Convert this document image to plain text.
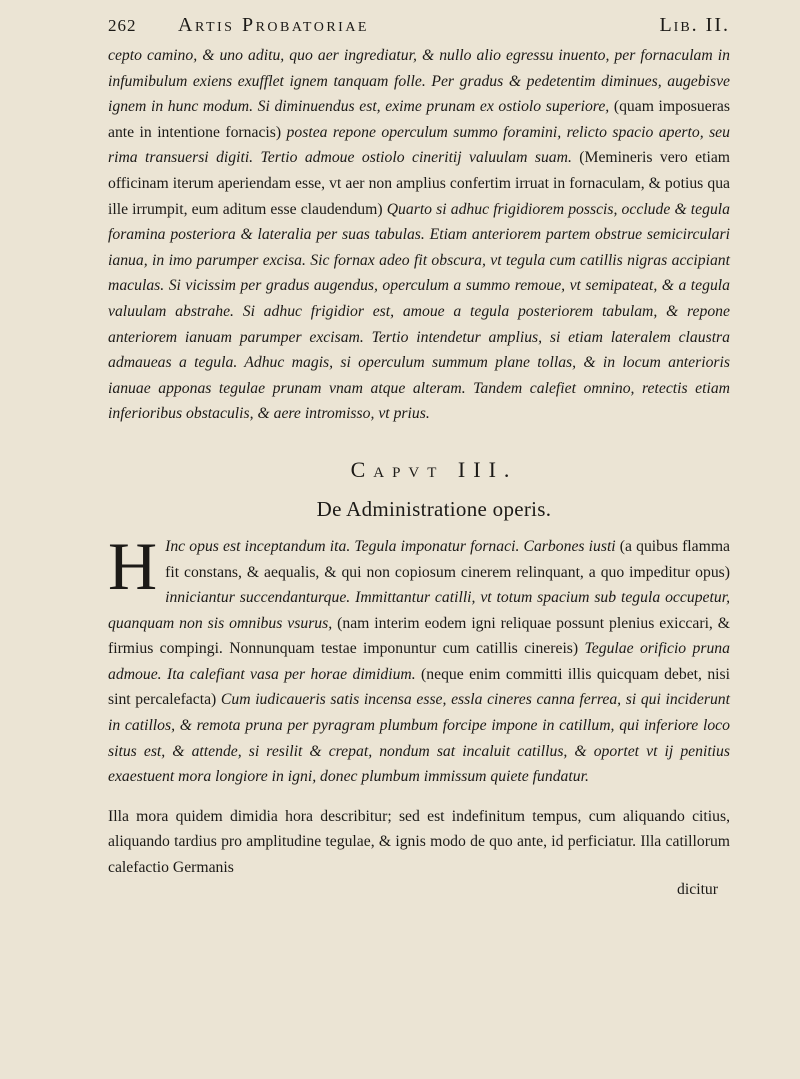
262	Artis Probatoriae	Lib. II.

cepto camino, & uno aditu, quo aer ingrediatur, & nullo alio egressu inuento, per fornaculam in infumibulum exiens exufflet ignem tanquam folle. Per gradus & pedetentim diminues, augebisve ignem in hunc modum. Si diminuendus est, exime prunam ex ostiolo superiore, (quam imposueras ante in intentione fornacis) postea repone operculum summo foramini, relicto spacio aperto, seu rima transuersi digiti. Tertio admoue ostiolo cineritij valuulam suam. (Memineris vero etiam officinam iterum aperiendam esse, vt aer non amplius confertim irruat in fornaculam, & potius qua ille irrumpit, eum aditum esse claudendum) Quarto si adhuc frigidiorem posscis, occlude & tegula foramina posteriora & lateralia per suas tabulas. Etiam anteriorem partem obstrue semicirculari ianua, in imo parumper excisa. Sic fornax adeo fit obscura, vt tegula cum catillis nigras accipiant maculas. Si vicissim per gradus augendus, operculum a summo remoue, vt semipateat, & a tegula valuulam abstrahe. Si adhuc frigidior est, amoue a tegula posteriorem tabulam, & repone anteriorem ianuam parumper excisam. Tertio intendetur amplius, si etiam lateralem claustra admaueas a tegula. Adhuc magis, si operculum summum plane tollas, & in locum anterioris ianuae apponas tegulae prunam vnam atque alteram. Tandem calefiet omnino, retectis etiam inferioribus obstaculis, & aere intromisso, vt prius.

Capvt III.
De Administratione operis.

H Inc opus est inceptandum ita. Tegula imponatur fornaci. Carbones iusti (a quibus flamma fit constans, & aequalis, & qui non copiosum cinerem relinquant, a quo impeditur opus) inniciantur succendanturque. Immittantur catilli, vt totum spacium sub tegula occupetur, quanquam non sis omnibus vsurus, (nam interim eodem igni reliquae possunt plenius exiccari, & firmius compingi. Nonnunquam testae imponuntur cum catillis cinereis) Tegulae orificio pruna admoue. Ita calefiant vasa per horae dimidium. (neque enim committi illis quicquam debet, nisi sint percalefacta) Cum iudicaueris satis incensa esse, essla cineres canna ferrea, si qui inciderunt in catillos, & remota pruna per pyragram plumbum forcipe impone in catillum, qui inferiore loco situs est, & attende, si resilit & crepat, nondum sat incaluit catillus, & oportet vt ij penitius exaestuent mora longiore in igni, donec plumbum immissum quiete fundatur.

Illa mora quidem dimidia hora describitur; sed est indefinitum tempus, cum aliquando citius, aliquando tardius pro amplitudine tegulae, & ignis modo de quo ante, id perficiatur. Illa catillorum calefactio Germanis

dicitur
